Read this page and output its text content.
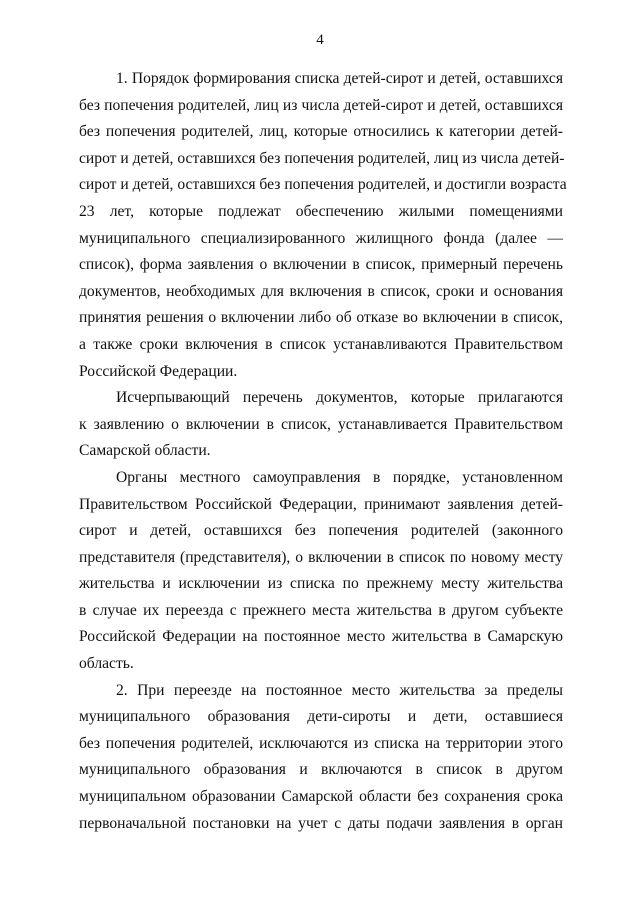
4
1. Порядок формирования списка детей-сирот и детей, оставшихся
без попечения родителей, лиц из числа детей-сирот и детей, оставшихся
без попечения родителей, лиц, которые относились к категории детей-
сирот и детей, оставшихся без попечения родителей, лиц из числа детей-
сирот и детей, оставшихся без попечения родителей, и достигли возраста
23 лет, которые подлежат обеспечению жилыми помещениями
муниципального специализированного жилищного фонда (далее —
список), форма заявления о включении в список, примерный перечень
документов, необходимых для включения в список, сроки и основания
принятия решения о включении либо об отказе во включении в список,
а также сроки включения в список устанавливаются Правительством
Российской Федерации.
Исчерпывающий перечень документов, которые прилагаются
к заявлению о включении в список, устанавливается Правительством
Самарской области.
Органы местного самоуправления в порядке, установленном
Правительством Российской Федерации, принимают заявления детей-
сирот и детей, оставшихся без попечения родителей (законного
представителя (представителя), о включении в список по новому месту
жительства и исключении из списка по прежнему месту жительства
в случае их переезда с прежнего места жительства в другом субъекте
Российской Федерации на постоянное место жительства в Самарскую
область.
2. При переезде на постоянное место жительства за пределы
муниципального образования дети-сироты и дети, оставшиеся
без попечения родителей, исключаются из списка на территории этого
муниципального образования и включаются в список в другом
муниципальном образовании Самарской области без сохранения срока
первоначальной постановки на учет с даты подачи заявления в орган
